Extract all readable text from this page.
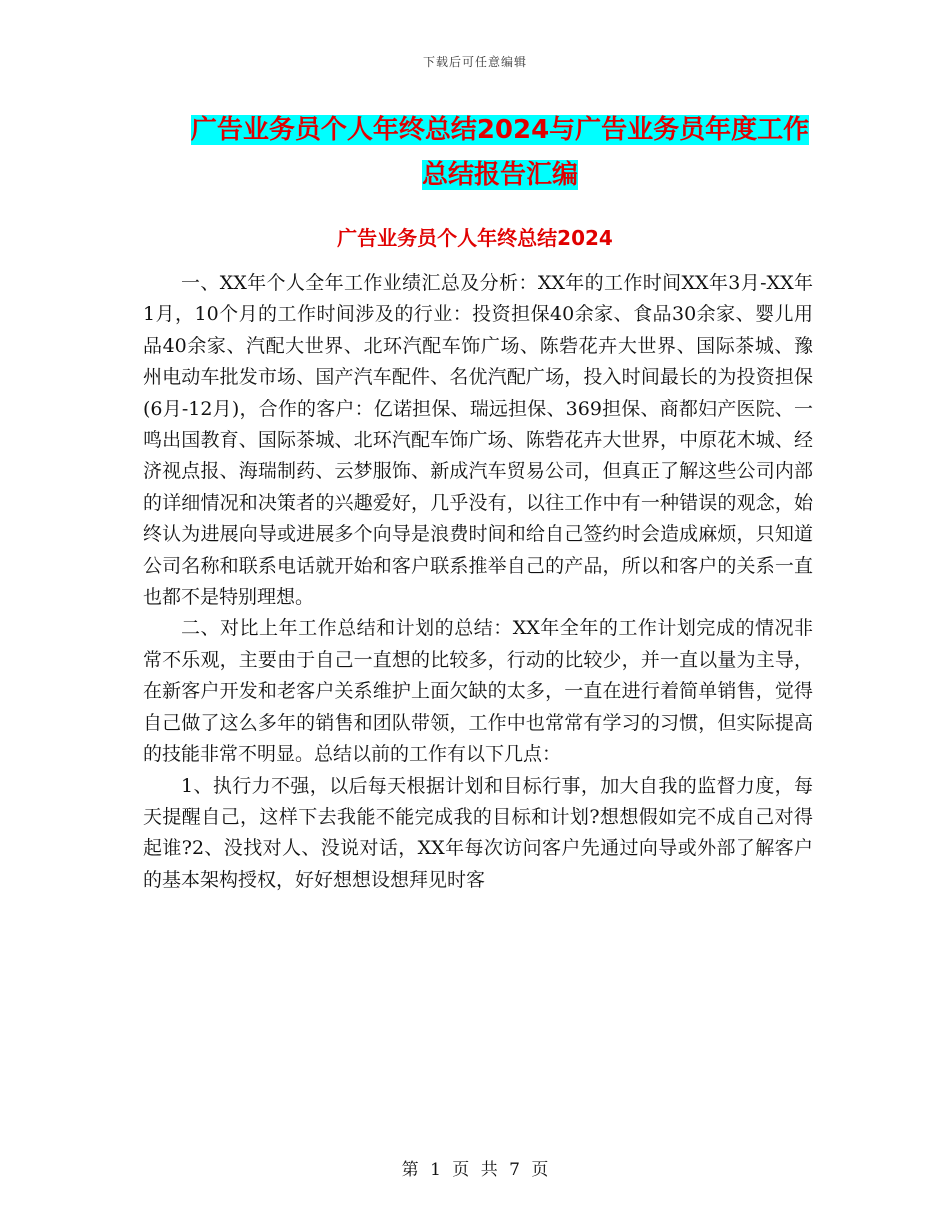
下载后可任意编辑
广告业务员个人年终总结2024与广告业务员年度工作
总结报告汇编
广告业务员个人年终总结2024

一、XX年个人全年工作业绩汇总及分析：XX年的工作时间XX年3月-XX年1月，10个月的工作时间涉及的行业：投资担保40余家、食品30余家、婴儿用品40余家、汽配大世界、北环汽配车饰广场、陈砦花卉大世界、国际茶城、豫州电动车批发市场、国产汽车配件、名优汽配广场，投入时间最长的为投资担保(6月-12月)，合作的客户：亿诺担保、瑞远担保、369担保、商都妇产医院、一鸣出国教育、国际茶城、北环汽配车饰广场、陈砦花卉大世界，中原花木城、经济视点报、海瑞制药、云梦服饰、新成汽车贸易公司，但真正了解这些公司内部的详细情况和决策者的兴趣爱好，几乎没有，以往工作中有一种错误的观念，始终认为进展向导或进展多个向导是浪费时间和给自己签约时会造成麻烦，只知道公司名称和联系电话就开始和客户联系推举自己的产品，所以和客户的关系一直也都不是特别理想。

二、对比上年工作总结和计划的总结：XX年全年的工作计划完成的情况非常不乐观，主要由于自己一直想的比较多，行动的比较少，并一直以量为主导，在新客户开发和老客户关系维护上面欠缺的太多，一直在进行着简单销售，觉得自己做了这么多年的销售和团队带领，工作中也常常有学习的习惯，但实际提高的技能非常不明显。总结以前的工作有以下几点：

1、执行力不强，以后每天根据计划和目标行事，加大自我的监督力度，每天提醒自己，这样下去我能不能完成我的目标和计划?想想假如完不成自己对得起谁?2、没找对人、没说对话，XX年每次访问客户先通过向导或外部了解客户的基本架构授权，好好想想设想拜见时客

第 1 页 共 7 页
